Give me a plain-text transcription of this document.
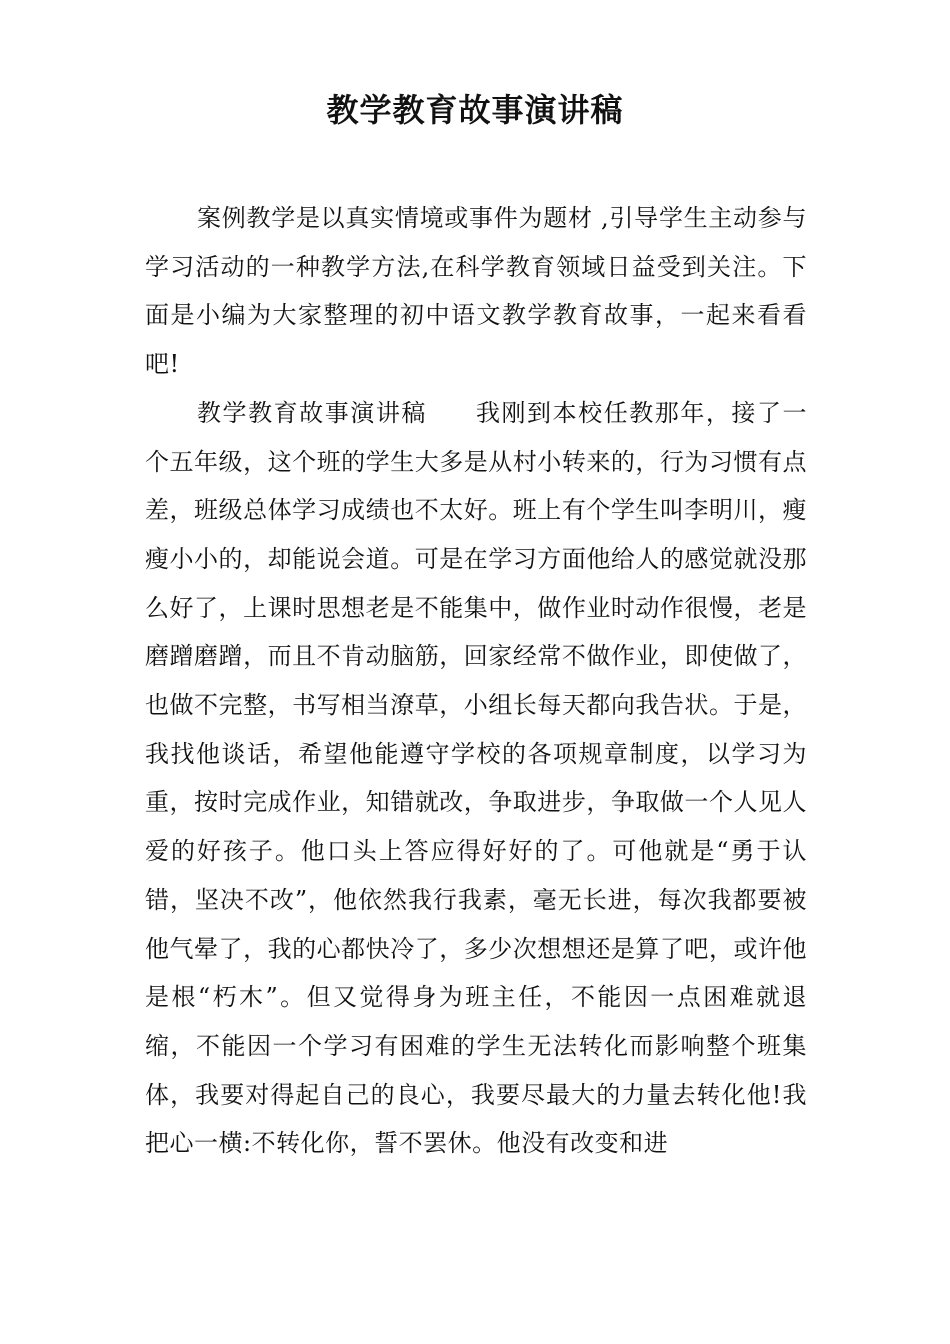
教学教育故事演讲稿

案例教学是以真实情境或事件为题材 ,引导学生主动参与学习活动的一种教学方法,在科学教育领域日益受到关注。下面是小编为大家整理的初中语文教学教育故事，一起来看看吧!

教学教育故事演讲稿 我刚到本校任教那年，接了一个五年级，这个班的学生大多是从村小转来的，行为习惯有点差，班级总体学习成绩也不太好。班上有个学生叫李明川，瘦瘦小小的，却能说会道。可是在学习方面他给人的感觉就没那么好了，上课时思想老是不能集中，做作业时动作很慢，老是磨蹭磨蹭，而且不肯动脑筋，回家经常不做作业，即使做了，也做不完整，书写相当潦草，小组长每天都向我告状。于是，我找他谈话，希望他能遵守学校的各项规章制度，以学习为重，按时完成作业，知错就改，争取进步，争取做一个人见人爱的好孩子。他口头上答应得好好的了。可他就是“勇于认错，坚决不改”，他依然我行我素，毫无长进，每次我都要被他气晕了，我的心都快冷了，多少次想想还是算了吧，或许他是根“朽木”。但又觉得身为班主任，不能因一点困难就退缩，不能因一个学习有困难的学生无法转化而影响整个班集体，我要对得起自己的良心，我要尽最大的力量去转化他!我把心一横:不转化你，誓不罢休。他没有改变和进
